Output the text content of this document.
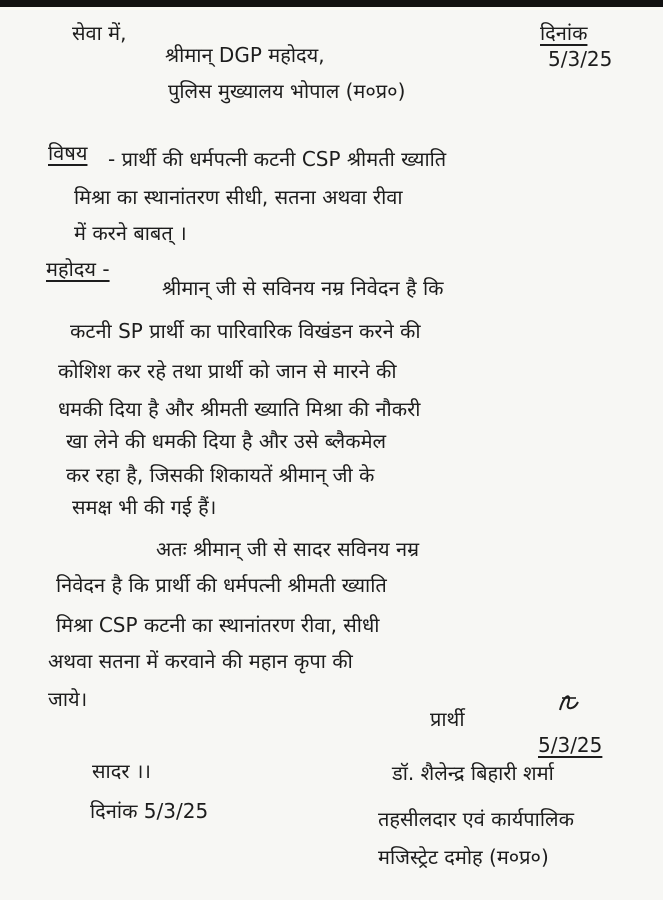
सेवा में,	दिनांक
5/3/25
श्रीमान् DGP महोदय,
पुलिस मुख्यालय भोपाल (म०प्र०)
विषय - प्रार्थी की धर्मपत्नी कटनी CSP श्रीमती ख्याति
मिश्रा का स्थानांतरण सीधी, सतना अथवा रीवा
में करने बाबत् ।
महोदय -
श्रीमान् जी से सविनय नम्र निवेदन है कि
कटनी SP प्रार्थी का पारिवारिक विखंडन करने की
कोशिश कर रहे तथा प्रार्थी को जान से मारने की
धमकी दिया है और श्रीमती ख्याति मिश्रा की नौकरी
खा लेने की धमकी दिया है और उसे ब्लैकमेल
कर रहा है, जिसकी शिकायतें श्रीमान् जी के
समक्ष भी की गई हैं।
अतः श्रीमान् जी से सादर सविनय नम्र
निवेदन है कि प्रार्थी की धर्मपत्नी श्रीमती ख्याति
मिश्रा CSP कटनी का स्थानांतरण रीवा, सीधी
अथवा सतना में करवाने की महान कृपा की
जाये।
प्रार्थी
5/3/25
सादर ।।
दिनांक 5/3/25
डॉ. शैलेन्द्र बिहारी शर्मा
तहसीलदार एवं कार्यपालिक
मजिस्ट्रेट दमोह (म०प्र०)
